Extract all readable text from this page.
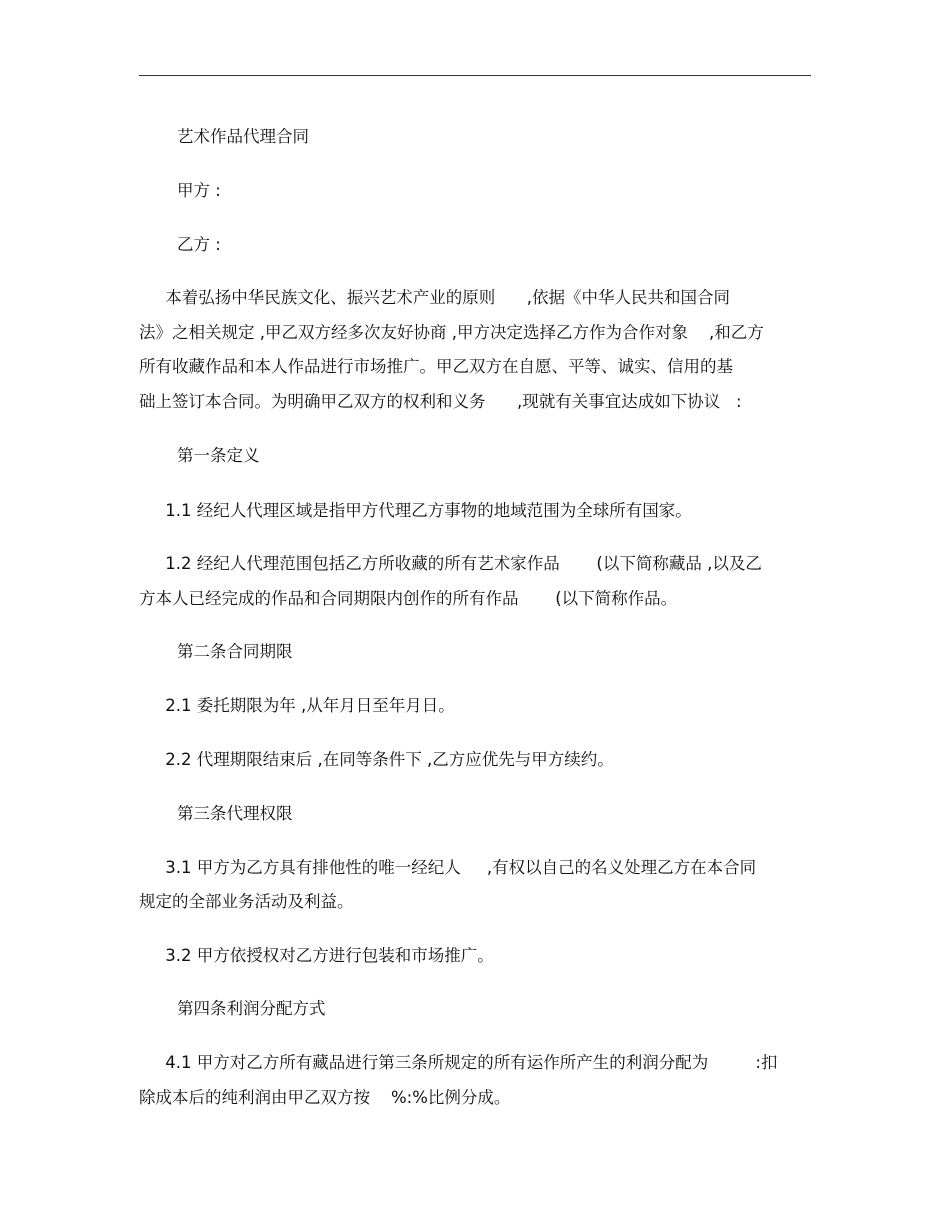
艺术作品代理合同
甲方 :
乙方 :
本着弘扬中华民族文化、振兴艺术产业的原则      ,依据《中华人民共和国合同
法》之相关规定 ,甲乙双方经多次友好协商 ,甲方决定选择乙方作为合作对象    ,和乙方
所有收藏作品和本人作品进行市场推广。甲乙双方在自愿、平等、诚实、信用的基
础上签订本合同。为明确甲乙双方的权利和义务      ,现就有关事宜达成如下协议   :
第一条定义
1.1 经纪人代理区域是指甲方代理乙方事物的地域范围为全球所有国家。
1.2 经纪人代理范围包括乙方所收藏的所有艺术家作品       (以下简称藏品 ,以及乙
方本人已经完成的作品和合同期限内创作的所有作品       (以下简称作品。
第二条合同期限
2.1 委托期限为年 ,从年月日至年月日。
2.2 代理期限结束后 ,在同等条件下 ,乙方应优先与甲方续约。
第三条代理权限
3.1 甲方为乙方具有排他性的唯一经纪人     ,有权以自己的名义处理乙方在本合同
规定的全部业务活动及利益。
3.2 甲方依授权对乙方进行包装和市场推广。
第四条利润分配方式
4.1 甲方对乙方所有藏品进行第三条所规定的所有运作所产生的利润分配为         :扣
除成本后的纯利润由甲乙双方按    %:%比例分成。
